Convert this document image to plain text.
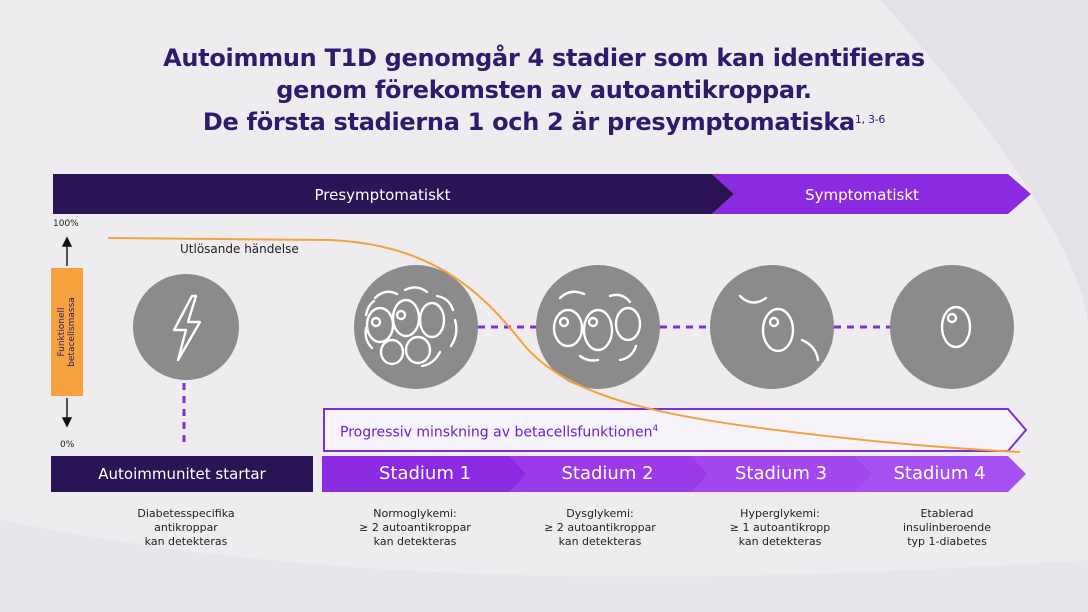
Autoimmun T1D genomgår 4 stadier som kan identifieras
genom förekomsten av autoantikroppar.
De första stadierna 1 och 2 är presymptomatiska$^{1, 3-6}$
Presymptomatiskt	Symptomatiskt
100%
0%
Funktionell betacellsmassa
Utlösande händelse
Progressiv minskning av betacellsfunktionen$^4$
Autoimmunitet startar	Stadium 1	Stadium 2	Stadium 3	Stadium 4
Diabetesspecifika
antikroppar
kan detekteras
Normoglykemi:
≥ 2 autoantikroppar
kan detekteras
Dysglykemi:
≥ 2 autoantikroppar
kan detekteras
Hyperglykemi:
≥ 1 autoantikropp
kan detekteras
Etablerad
insulinberoende
typ 1-diabetes
